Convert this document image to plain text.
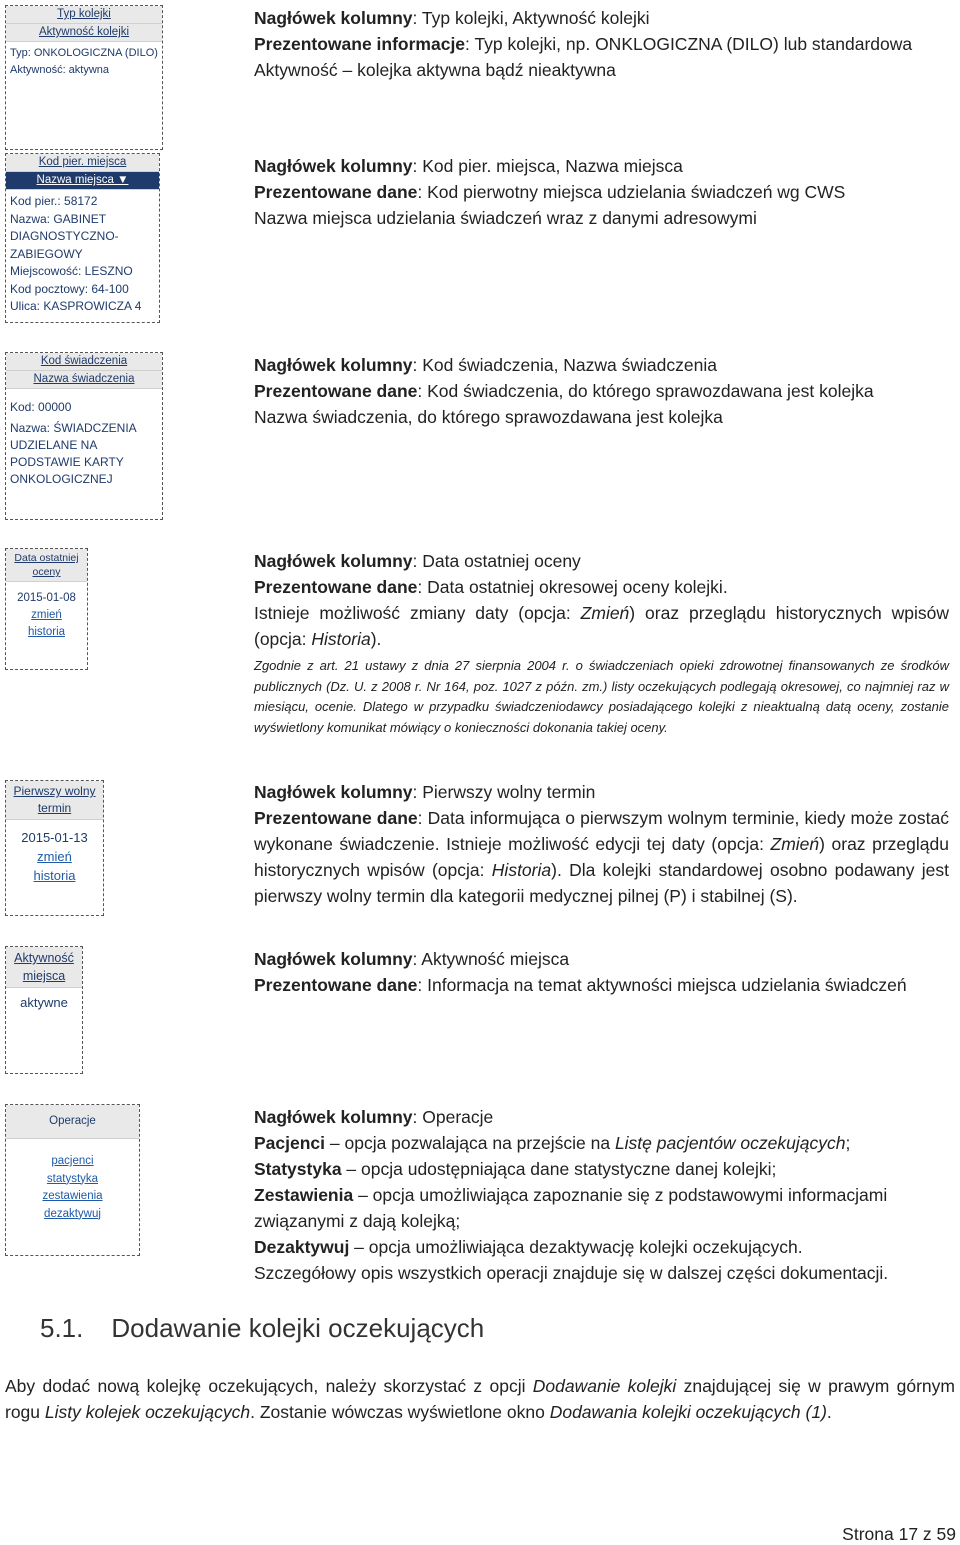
Typ kolejki
Aktywność kolejki
Typ: ONKOLOGICZNA (DILO)
Aktywność: aktywna
Kod pier. miejsca
Nazwa miejsca ▼
Kod pier.: 58172
Nazwa: GABINET
DIAGNOSTYCZNO-
ZABIEGOWY
Miejscowość: LESZNO
Kod pocztowy: 64-100
Ulica: KASPROWICZA 4
Kod świadczenia
Nazwa świadczenia
Kod: 00000
Nazwa: ŚWIADCZENIA
UDZIELANE NA
PODSTAWIE KARTY
ONKOLOGICZNEJ
Data ostatniej
oceny
2015-01-08
zmień
historia
Pierwszy wolny
termin
2015-01-13
zmień
historia
Aktywność
miejsca
aktywne
Operacje
pacjenci
statystyka
zestawienia
dezaktywuj
Nagłówek kolumny: Typ kolejki, Aktywność kolejki
Prezentowane informacje: Typ kolejki, np. ONKLOGICZNA (DILO) lub standardowa
Aktywność – kolejka aktywna bądź nieaktywna
Nagłówek kolumny: Kod pier. miejsca, Nazwa miejsca
Prezentowane dane: Kod pierwotny miejsca udzielania świadczeń wg CWS
Nazwa miejsca udzielania świadczeń wraz z danymi adresowymi
Nagłówek kolumny: Kod świadczenia, Nazwa świadczenia
Prezentowane dane: Kod świadczenia, do którego sprawozdawana jest kolejka
Nazwa świadczenia, do którego sprawozdawana jest kolejka
Nagłówek kolumny: Data ostatniej oceny
Prezentowane dane: Data ostatniej okresowej oceny kolejki.
Istnieje możliwość zmiany daty (opcja: Zmień) oraz przeglądu historycznych wpisów (opcja: Historia).
Zgodnie z art. 21 ustawy z dnia 27 sierpnia 2004 r. o świadczeniach opieki zdrowotnej finansowanych ze środków publicznych (Dz. U. z 2008 r. Nr 164, poz. 1027 z późn. zm.) listy oczekujących podlegają okresowej, co najmniej raz w miesiącu, ocenie. Dlatego w przypadku świadczeniodawcy posiadającego kolejki z nieaktualną datą oceny, zostanie wyświetlony komunikat mówiący o konieczności dokonania takiej oceny.
Nagłówek kolumny: Pierwszy wolny termin
Prezentowane dane: Data informująca o pierwszym wolnym terminie, kiedy może zostać wykonane świadczenie. Istnieje możliwość edycji tej daty (opcja: Zmień) oraz przeglądu historycznych wpisów (opcja: Historia). Dla kolejki standardowej osobno podawany jest pierwszy wolny termin dla kategorii medycznej pilnej (P) i stabilnej (S).
Nagłówek kolumny: Aktywność miejsca
Prezentowane dane: Informacja na temat aktywności miejsca udzielania świadczeń
Nagłówek kolumny: Operacje
Pacjenci – opcja pozwalająca na przejście na Listę pacjentów oczekujących;
Statystyka – opcja udostępniająca dane statystyczne danej kolejki;
Zestawienia – opcja umożliwiająca zapoznanie się z podstawowymi informacjami związanymi z dają kolejką;
Dezaktywuj – opcja umożliwiająca dezaktywację kolejki oczekujących.
Szczegółowy opis wszystkich operacji znajduje się w dalszej części dokumentacji.
5.1. Dodawanie kolejki oczekujących
Aby dodać nową kolejkę oczekujących, należy skorzystać z opcji Dodawanie kolejki znajdującej się w prawym górnym rogu Listy kolejek oczekujących. Zostanie wówczas wyświetlone okno Dodawania kolejki oczekujących (1).
Strona 17 z 59
